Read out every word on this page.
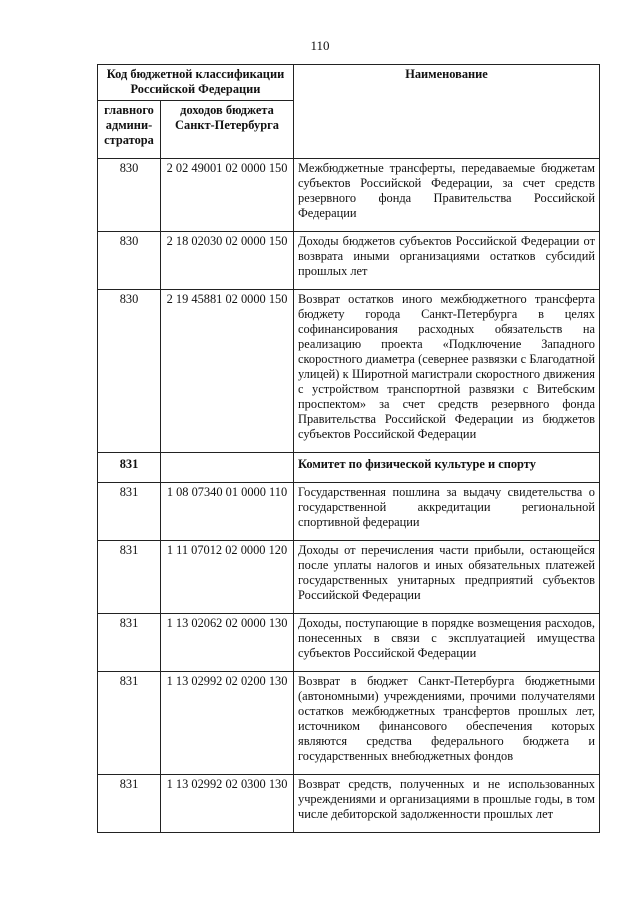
110
Код бюджетной классификации Российской Федерации		Наименование
главного админи-стратора	доходов бюджета Санкт-Петербурга	
830	2 02 49001 02 0000 150	Межбюджетные трансферты, передаваемые бюджетам субъектов Российской Федерации, за счет средств резервного фонда Правительства Российской Федерации
830	2 18 02030 02 0000 150	Доходы бюджетов субъектов Российской Федерации от возврата иными организациями остатков субсидий прошлых лет
830	2 19 45881 02 0000 150	Возврат остатков иного межбюджетного трансферта бюджету города Санкт-Петербурга в целях софинансирования расходных обязательств на реализацию проекта «Подключение Западного скоростного диаметра (севернее развязки с Благодатной улицей) к Широтной магистрали скоростного движения с устройством транспортной развязки с Витебским проспектом» за счет средств резервного фонда Правительства Российской Федерации из бюджетов субъектов Российской Федерации
831		Комитет по физической культуре и спорту
831	1 08 07340 01 0000 110	Государственная пошлина за выдачу свидетельства о государственной аккредитации региональной спортивной федерации
831	1 11 07012 02 0000 120	Доходы от перечисления части прибыли, остающейся после уплаты налогов и иных обязательных платежей государственных унитарных предприятий субъектов Российской Федерации
831	1 13 02062 02 0000 130	Доходы, поступающие в порядке возмещения расходов, понесенных в связи с эксплуатацией имущества субъектов Российской Федерации
831	1 13 02992 02 0200 130	Возврат в бюджет Санкт-Петербурга бюджетными (автономными) учреждениями, прочими получателями остатков межбюджетных трансфертов прошлых лет, источником финансового обеспечения которых являются средства федерального бюджета и государственных внебюджетных фондов
831	1 13 02992 02 0300 130	Возврат средств, полученных и не использованных учреждениями и организациями в прошлые годы, в том числе дебиторской задолженности прошлых лет
